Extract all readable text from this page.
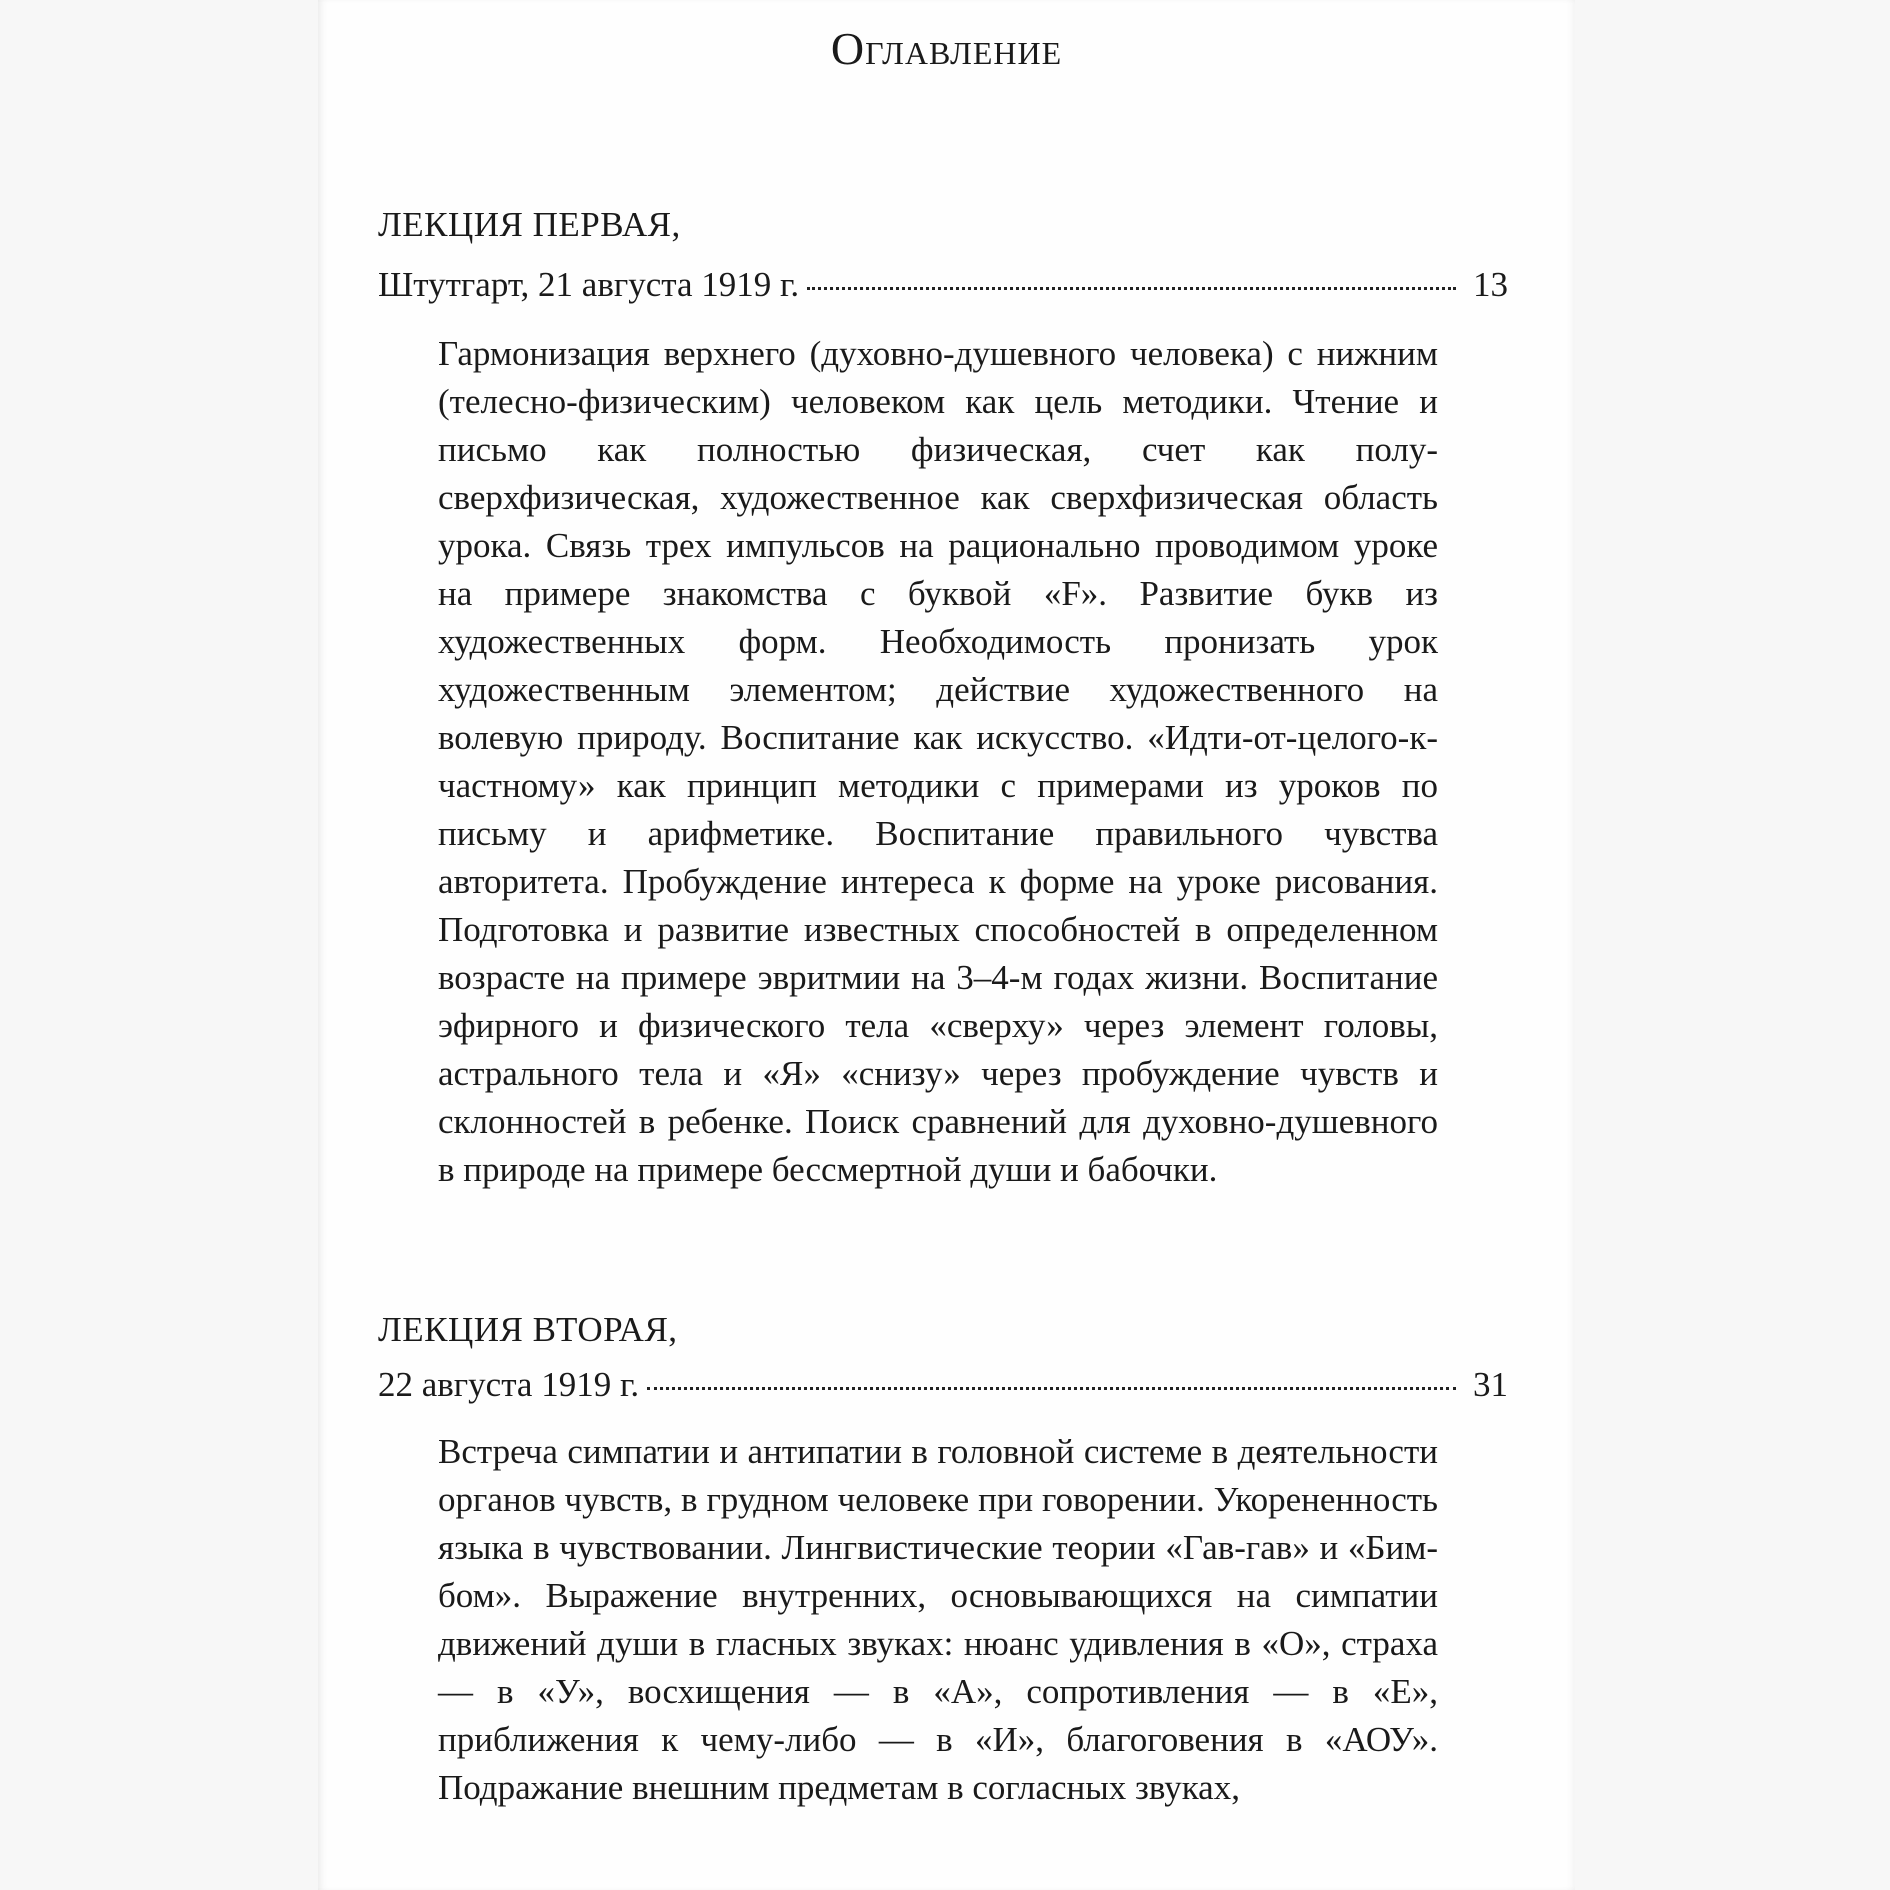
Оглавление
ЛЕКЦИЯ ПЕРВАЯ,
Штутгарт, 21 августа 1919 г.	13

Гармонизация верхнего (духовно-душевного человека) с нижним (телесно-физическим) человеком как цель методики. Чтение и письмо как полностью физическая, счет как полу-сверхфизическая, художественное как сверхфизическая область урока. Связь трех импульсов на рационально проводимом уроке на примере знакомства с буквой «F». Развитие букв из художественных форм. Необходимость пронизать урок художественным элементом; действие художественного на волевую природу. Воспитание как искусство. «Идти-от-целого-к-частному» как принцип методики с примерами из уроков по письму и арифметике. Воспитание правильного чувства авторитета. Пробуждение интереса к форме на уроке рисования. Подготовка и развитие известных способностей в определенном возрасте на примере эвритмии на 3–4-м годах жизни. Воспитание эфирного и физического тела «сверху» через элемент головы, астрального тела и «Я» «снизу» через пробуждение чувств и склонностей в ребенке. Поиск сравнений для духовно-душевного в природе на примере бессмертной души и бабочки.

ЛЕКЦИЯ ВТОРАЯ,
22 августа 1919 г.	31

Встреча симпатии и антипатии в головной системе в деятельности органов чувств, в грудном человеке при говорении. Укорененность языка в чувствовании. Лингвистические теории «Гав-гав» и «Бим-бом». Выражение внутренних, основывающихся на симпатии движений души в гласных звуках: нюанс удивления в «О», страха — в «У», восхищения — в «А», сопротивления — в «Е», приближения к чему-либо — в «И», благоговения в «АОУ». Подражание внешним предметам в согласных звуках,
